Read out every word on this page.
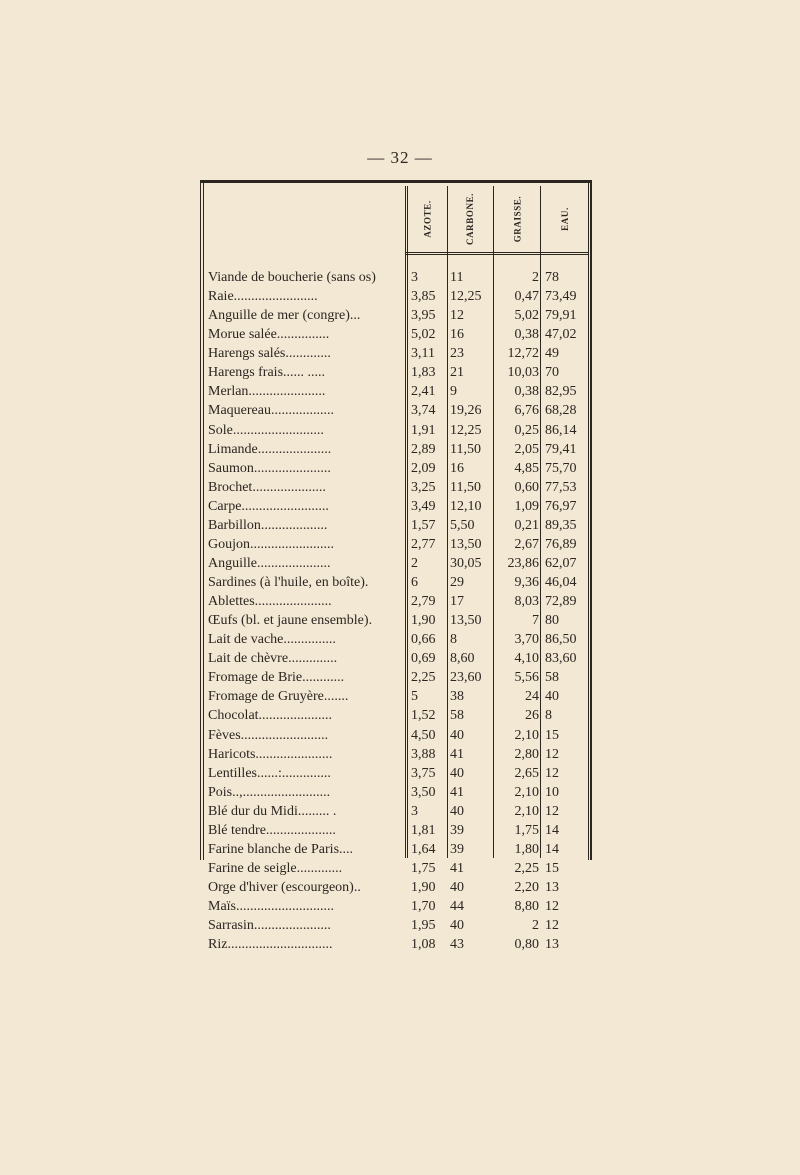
— 32 —
AZOTE.	CARBONE.	GRAISSE.	EAU.
Viande de boucherie (sans os)	3 11	2 78
Raie........................	3,85 12,25	0,47 73,49
Anguille de mer (congre)...	3,95 12	5,02 79,91
Morue salée...............	5,02 16	0,38 47,02
Harengs salés.............	3,11 23	12,72 49
Harengs frais...... .....	1,83 21	10,03 70
Merlan......................	2,41 9	0,38 82,95
Maquereau..................	3,74 19,26	6,76 68,28
Sole..........................	1,91 12,25	0,25 86,14
Limande.....................	2,89 11,50	2,05 79,41
Saumon......................	2,09 16	4,85 75,70
Brochet.....................	3,25 11,50	0,60 77,53
Carpe.........................	3,49 12,10	1,09 76,97
Barbillon...................	1,57 5,50	0,21 89,35
Goujon........................	2,77 13,50	2,67 76,89
Anguille.....................	2 30,05	23,86 62,07
Sardines (à l'huile, en boîte).	6 29	9,36 46,04
Ablettes......................	2,79 17	8,03 72,89
Œufs (bl. et jaune ensemble).	1,90 13,50	7 80
Lait de vache...............	0,66 8	3,70 86,50
Lait de chèvre..............	0,69 8,60	4,10 83,60
Fromage de Brie............	2,25 23,60	5,56 58
Fromage de Gruyère.......	5 38	24 40
Chocolat.....................	1,52 58	26 8
Fèves.........................	4,50 40	2,10 15
Haricots......................	3,88 41	2,80 12
Lentilles......:..............	3,75 40	2,65 12
Pois..,.........................	3,50 41	2,10 10
Blé dur du Midi......... .	3 40	2,10 12
Blé tendre....................	1,81 39	1,75 14
Farine blanche de Paris....	1,64 39	1,80 14
Farine de seigle.............	1,75 41	2,25 15
Orge d'hiver (escourgeon)..	1,90 40	2,20 13
Maïs............................	1,70 44	8,80 12
Sarrasin......................	1,95 40	2 12
Riz..............................	1,08 43	0,80 13
